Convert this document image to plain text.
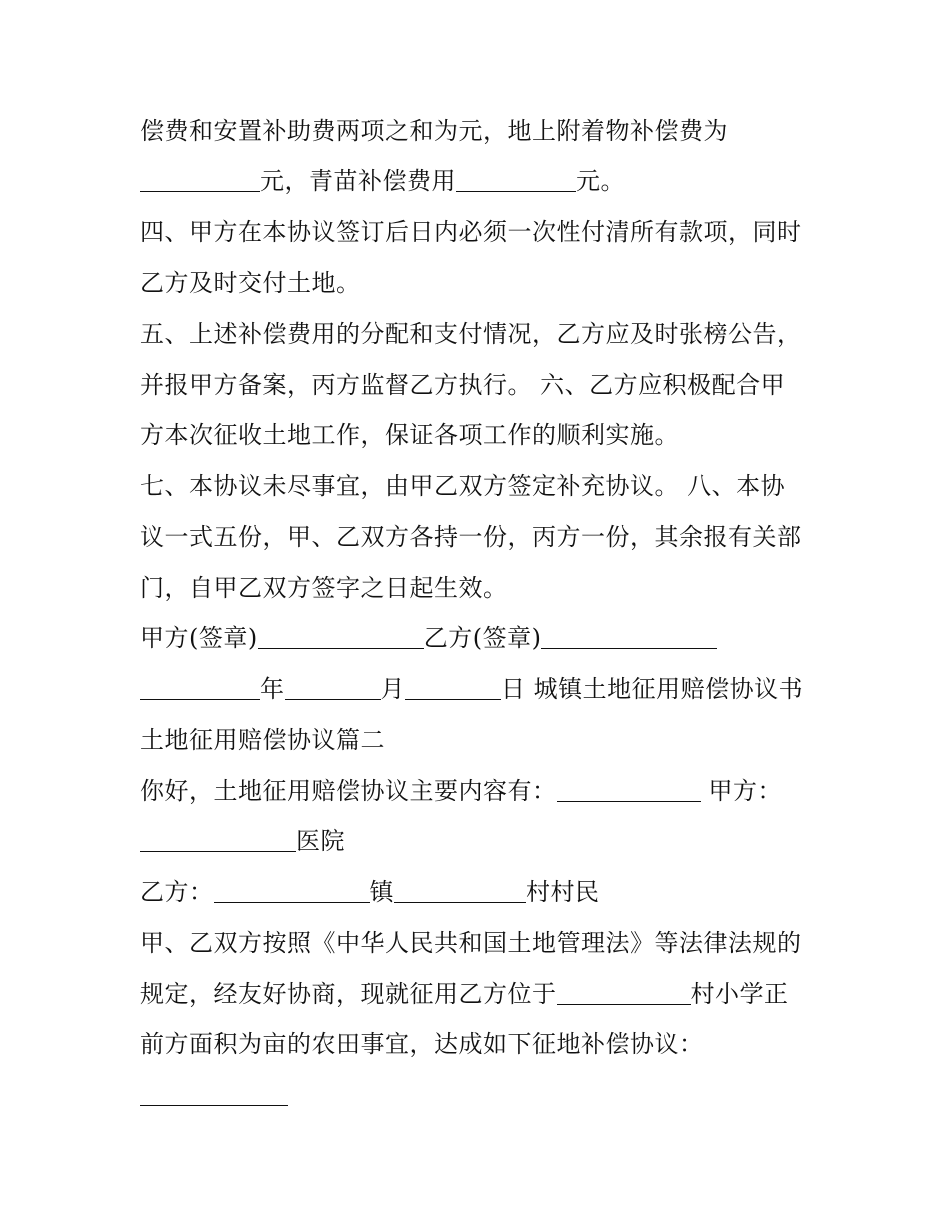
偿费和安置补助费两项之和为元，地上附着物补偿费为
元，青苗补偿费用	元。
四、甲方在本协议签订后日内必须一次性付清所有款项，同时
乙方及时交付土地。
五、上述补偿费用的分配和支付情况，乙方应及时张榜公告，
并报甲方备案，丙方监督乙方执行。 六、乙方应积极配合甲
方本次征收土地工作，保证各项工作的顺利实施。
七、本协议未尽事宜，由甲乙双方签定补充协议。 八、本协
议一式五份，甲、乙双方各持一份，丙方一份，其余报有关部
门，自甲乙双方签字之日起生效。
甲方(签章)	乙方(签章)
年	月	日 城镇土地征用赔偿协议书
土地征用赔偿协议篇二
你好，土地征用赔偿协议主要内容有：	甲方：
医院
乙方：	镇	村村民
甲、乙双方按照《中华人民共和国土地管理法》等法律法规的
规定，经友好协商，现就征用乙方位于	村小学正
前方面积为亩的农田事宜，达成如下征地补偿协议：
